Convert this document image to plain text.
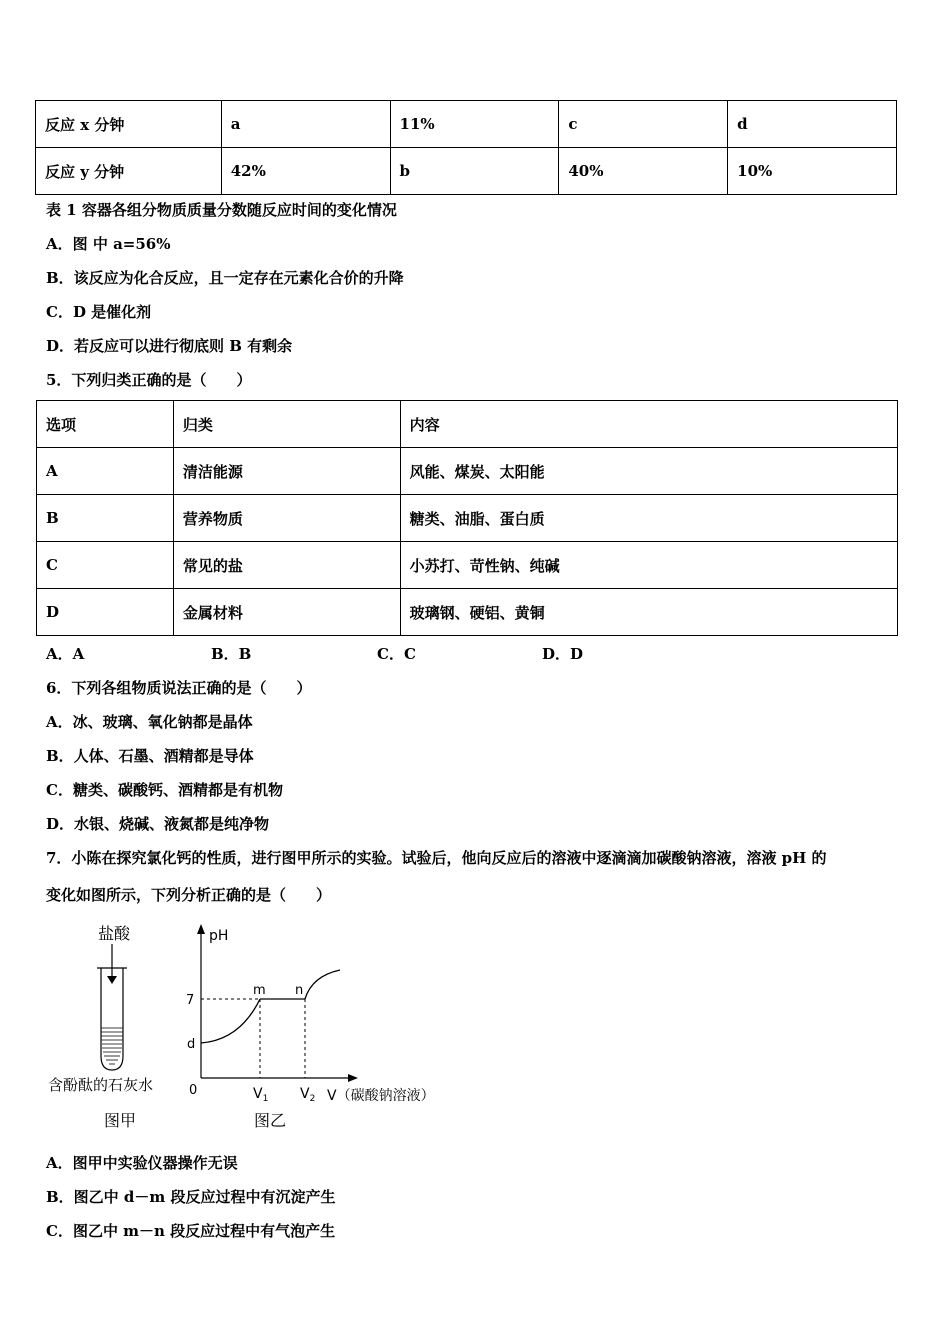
反应 x 分钟	a	11%	c	d
反应 y 分钟	42%	b	40%	10%
表 1 容器各组分物质质量分数随反应时间的变化情况
A．图 中 a=56%
B．该反应为化合反应，且一定存在元素化合价的升降
C．D 是催化剂
D．若反应可以进行彻底则 B 有剩余
5．下列归类正确的是（　　）
选项	归类	内容
A	清洁能源	风能、煤炭、太阳能
B	营养物质	糖类、油脂、蛋白质
C	常见的盐	小苏打、苛性钠、纯碱
D	金属材料	玻璃钢、硬铝、黄铜
A．A	B．B	C．C	D．D
6．下列各组物质说法正确的是（　　）
A．冰、玻璃、氧化钠都是晶体
B．人体、石墨、酒精都是导体
C．糖类、碳酸钙、酒精都是有机物
D．水银、烧碱、液氮都是纯净物
7．小陈在探究氯化钙的性质，进行图甲所示的实验。试验后，他向反应后的溶液中逐滴滴加碳酸钠溶液，溶液 pH 的
变化如图所示，下列分析正确的是（　　）
盐酸
含酚酞的石灰水
图甲
pH
7
d
0
m n
$V_1$ $V_2$ V（碳酸钠溶液）
图乙
A．图甲中实验仪器操作无误
B．图乙中 d－m 段反应过程中有沉淀产生
C．图乙中 m－n 段反应过程中有气泡产生
